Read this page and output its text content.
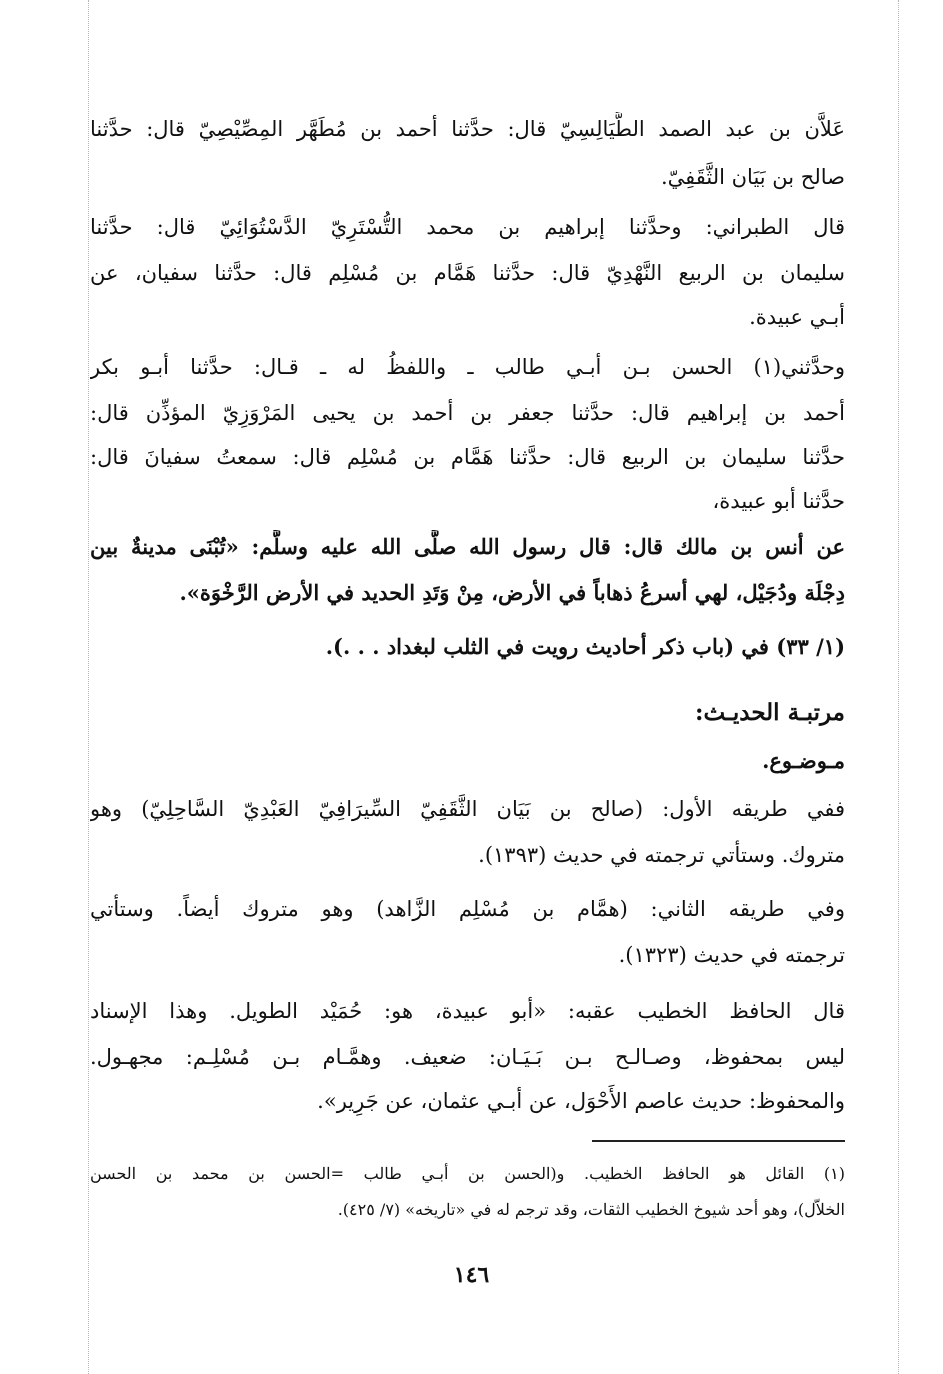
عَلاَّن بن عبد الصمد الطَّيَالِسِيّ قال: حدَّثنا أحمد بن مُطَهَّر المِصِّيْصِيّ قال: حدَّثنا
صالح بن بَيَان الثَّقَفِيّ.
قال الطبراني: وحدَّثنا إبراهيم بن محمد التُّسْتَرِيّ الدَّسْتُوَائِيّ قال: حدَّثنا
سليمان بن الربيع النَّهْدِيّ قال: حدَّثنا هَمَّام بن مُسْلِم قال: حدَّثنا سفيان، عن
أبـي عبيدة.
وحدَّثني(١) الحسن بـن أبـي طالب ـ واللفظُ له ـ قـال: حدَّثنا أبـو بكر
أحمد بن إبراهيم قال: حدَّثنا جعفر بن أحمد بن يحيى المَرْوَزِيّ المؤذِّن قال:
حدَّثنا سليمان بن الربيع قال: حدَّثنا هَمَّام بن مُسْلِم قال: سمعتُ سفيانَ قال:
حدَّثنا أبو عبيدة،
عن أنس بن مالك قال: قال رسول الله صلَّى الله عليه وسلَّم: «تُبْنَى مدينةٌ بين
دِجْلَة ودُجَيْل، لهي أسرعُ ذهاباً في الأرض، مِنْ وَتَدِ الحديد في الأرض الرَّخْوَة».
(١/ ٣٣) في (باب ذكر أحاديث رويت في الثلب لبغداد . . .).
مرتبـة الحديـث:
مـوضـوع.
ففي طريقه الأول: (صالح بن بَيَان الثَّقَفِيّ السِّيرَافِيّ العَبْدِيّ السَّاحِلِيّ) وهو
متروك. وستأتي ترجمته في حديث (١٣٩٣).
وفي طريقه الثاني: (همَّام بن مُسْلِم الزَّاهد) وهو متروك أيضاً. وستأتي
ترجمته في حديث (١٣٢٣).
قال الحافظ الخطيب عقبه: «أبو عبيدة، هو: حُمَيْد الطويل. وهذا الإسناد
ليس بمحفوظ، وصـالـح بـن بَـيَـان: ضعيف. وهمَّـام بـن مُسْلِـم: مجهـول.
والمحفوظ: حديث عاصم الأَحْوَل، عن أبـي عثمان، عن جَرِير».
(١) القائل هو الحافظ الخطيب. و(الحسن بن أبـي طالب =الحسن بن محمد بن الحسن
الخلاّل)، وهو أحد شيوخ الخطيب الثقات، وقد ترجم له في «تاريخه» (٧/ ٤٢٥).
١٤٦
